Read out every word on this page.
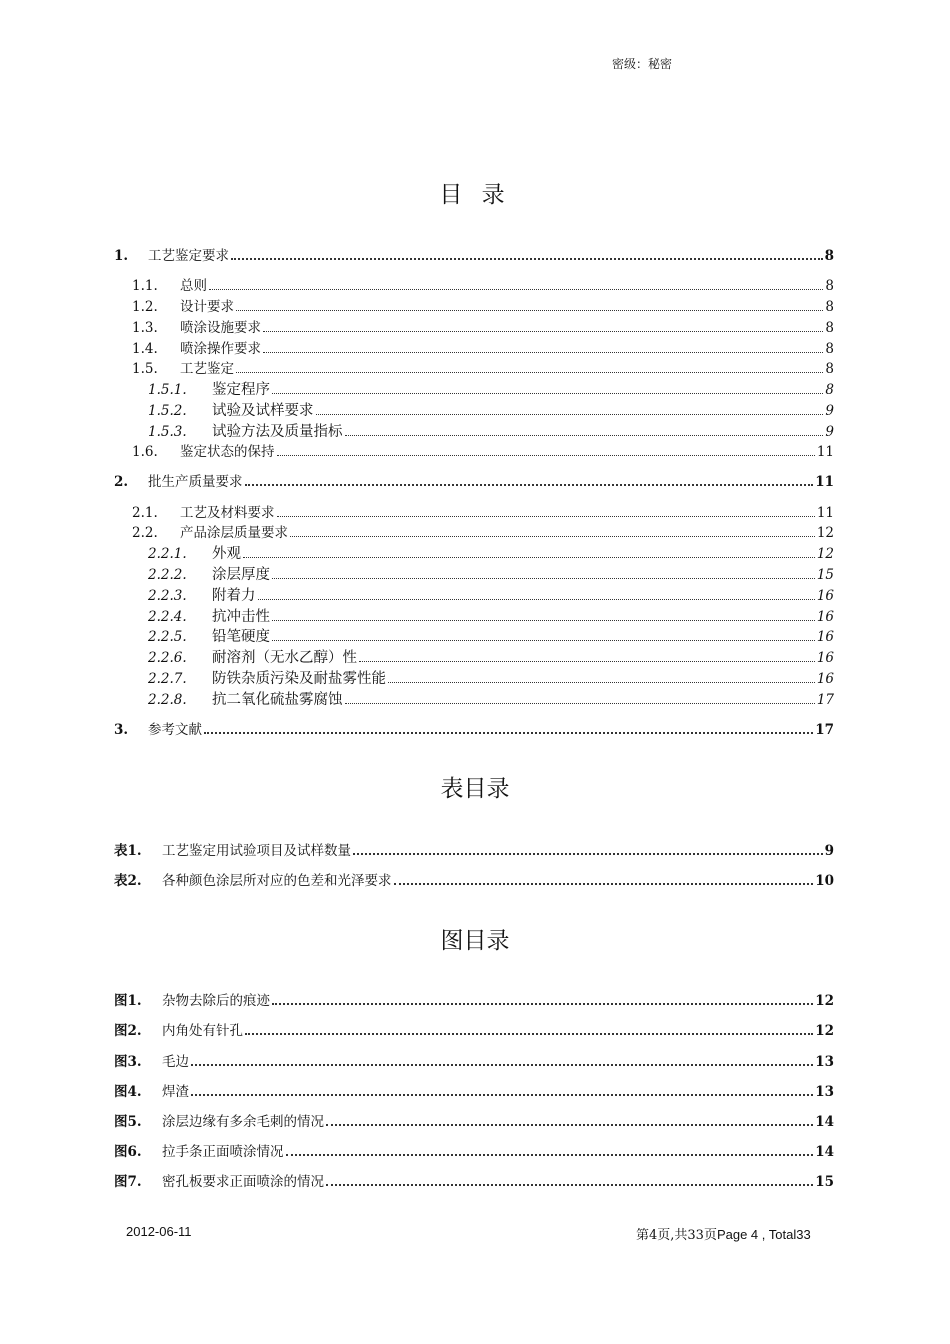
密级：秘密
目 录
1.	工艺鉴定要求	8
1.1.	总则	8
1.2.	设计要求	8
1.3.	喷涂设施要求	8
1.4.	喷涂操作要求	8
1.5.	工艺鉴定	8
1.5.1.	鉴定程序	8
1.5.2.	试验及试样要求	9
1.5.3.	试验方法及质量指标	9
1.6.	鉴定状态的保持	11
2.	批生产质量要求	11
2.1.	工艺及材料要求	11
2.2.	产品涂层质量要求	12
2.2.1.	外观	12
2.2.2.	涂层厚度	15
2.2.3.	附着力	16
2.2.4.	抗冲击性	16
2.2.5.	铅笔硬度	16
2.2.6.	耐溶剂（无水乙醇）性	16
2.2.7.	防铁杂质污染及耐盐雾性能	16
2.2.8.	抗二氧化硫盐雾腐蚀	17
3.	参考文献	17
表目录
表1.	工艺鉴定用试验项目及试样数量	9
表2.	各种颜色涂层所对应的色差和光泽要求	10
图目录
图1.	杂物去除后的痕迹	12
图2.	内角处有针孔	12
图3.	毛边	13
图4.	焊渣	13
图5.	涂层边缘有多余毛刺的情况	14
图6.	拉手条正面喷涂情况	14
图7.	密孔板要求正面喷涂的情况	15
2012-06-11	第4页,共33页Page 4 , Total33
